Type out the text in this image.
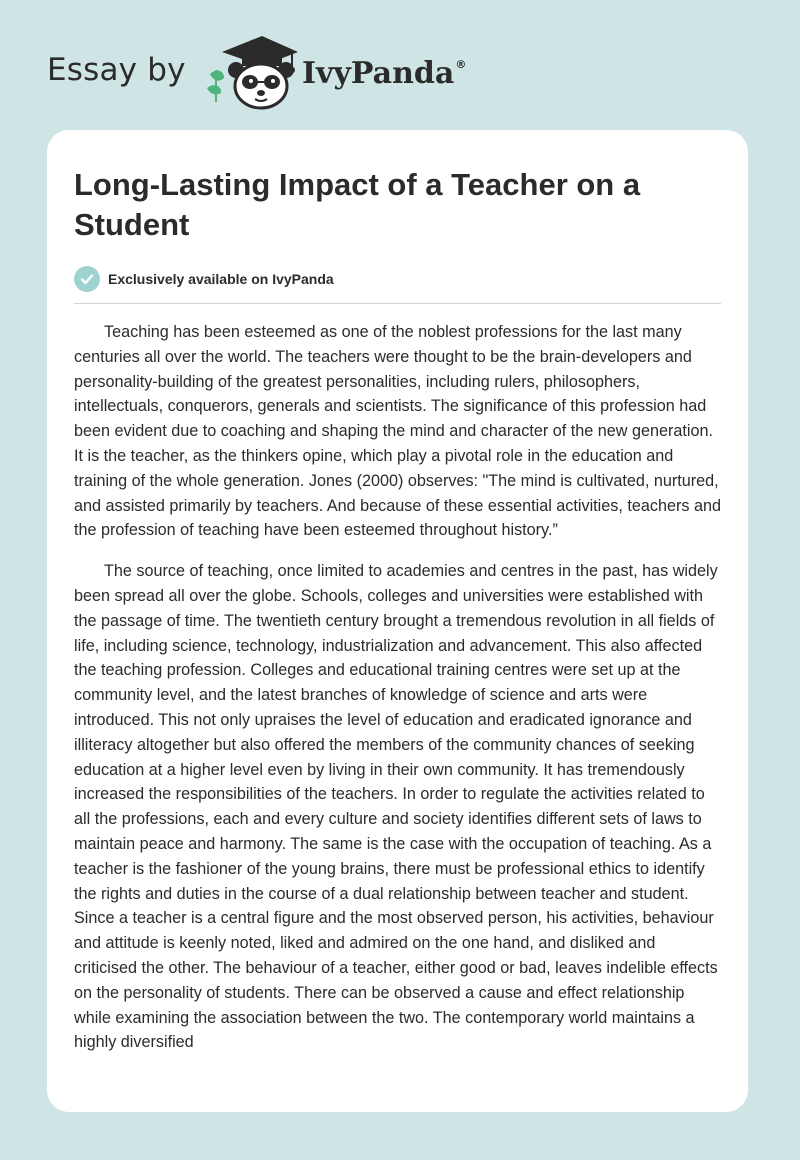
Essay by	IvyPanda®
Long-Lasting Impact of a Teacher on a Student
Exclusively available on IvyPanda

Teaching has been esteemed as one of the noblest professions for the last many centuries all over the world. The teachers were thought to be the brain-developers and personality-building of the greatest personalities, including rulers, philosophers, intellectuals, conquerors, generals and scientists. The significance of this profession had been evident due to coaching and shaping the mind and character of the new generation. It is the teacher, as the thinkers opine, which play a pivotal role in the education and training of the whole generation. Jones (2000) observes: "The mind is cultivated, nurtured, and assisted primarily by teachers. And because of these essential activities, teachers and the profession of teaching have been esteemed throughout history.”

The source of teaching, once limited to academies and centres in the past, has widely been spread all over the globe. Schools, colleges and universities were established with the passage of time. The twentieth century brought a tremendous revolution in all fields of life, including science, technology, industrialization and advancement. This also affected the teaching profession. Colleges and educational training centres were set up at the community level, and the latest branches of knowledge of science and arts were introduced. This not only upraises the level of education and eradicated ignorance and illiteracy altogether but also offered the members of the community chances of seeking education at a higher level even by living in their own community. It has tremendously increased the responsibilities of the teachers. In order to regulate the activities related to all the professions, each and every culture and society identifies different sets of laws to maintain peace and harmony. The same is the case with the occupation of teaching. As a teacher is the fashioner of the young brains, there must be professional ethics to identify the rights and duties in the course of a dual relationship between teacher and student. Since a teacher is a central figure and the most observed person, his activities, behaviour and attitude is keenly noted, liked and admired on the one hand, and disliked and criticised the other. The behaviour of a teacher, either good or bad, leaves indelible effects on the personality of students. There can be observed a cause and effect relationship while examining the association between the two. The contemporary world maintains a highly diversified
